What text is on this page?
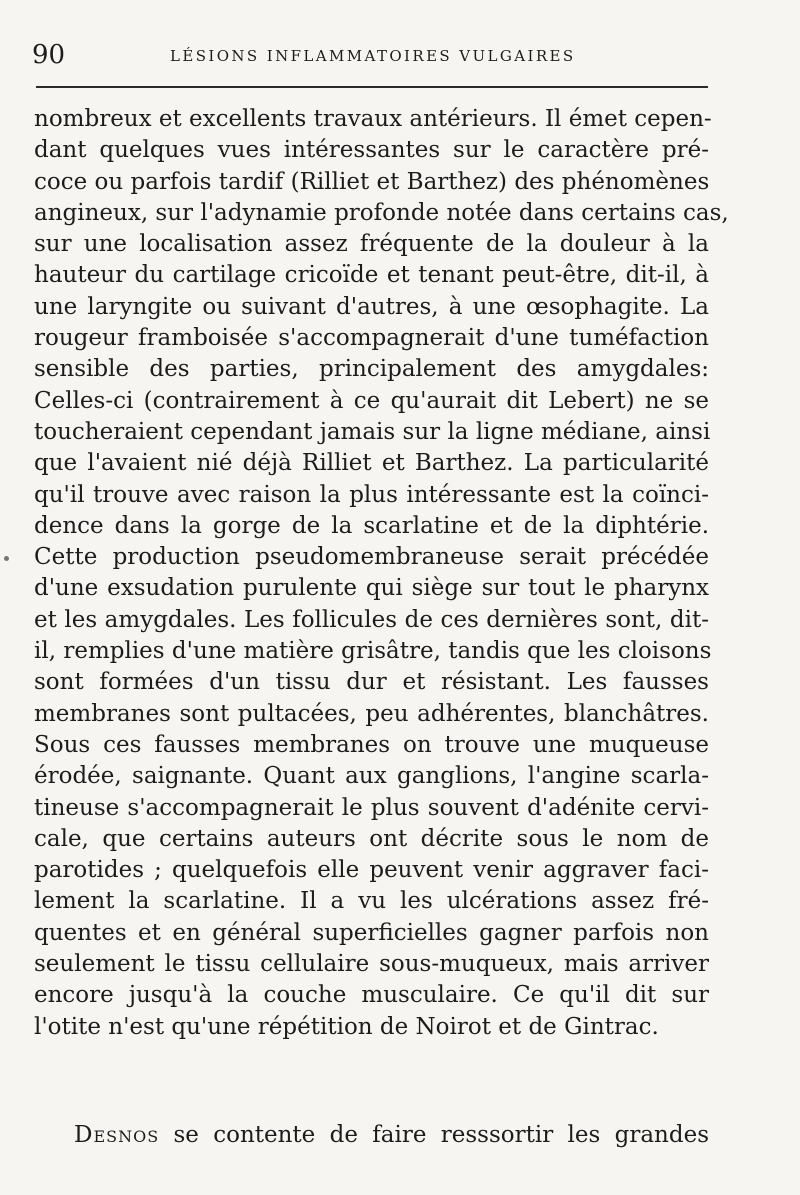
90	LÉSIONS INFLAMMATOIRES VULGAIRES
nombreux et excellents travaux antérieurs. Il émet cepen-
dant quelques vues intéressantes sur le caractère pré-
coce ou parfois tardif (Rilliet et Barthez) des phénomènes
angineux, sur l'adynamie profonde notée dans certains cas,
sur une localisation assez fréquente de la douleur à la
hauteur du cartilage cricoïde et tenant peut-être, dit-il, à
une laryngite ou suivant d'autres, à une œsophagite. La
rougeur framboisée s'accompagnerait d'une tuméfaction
sensible des parties, principalement des amygdales:
Celles-ci (contrairement à ce qu'aurait dit Lebert) ne se
toucheraient cependant jamais sur la ligne médiane, ainsi
que l'avaient nié déjà Rilliet et Barthez. La particularité
qu'il trouve avec raison la plus intéressante est la coïnci-
dence dans la gorge de la scarlatine et de la diphtérie.
Cette production pseudomembraneuse serait précédée
d'une exsudation purulente qui siège sur tout le pharynx
et les amygdales. Les follicules de ces dernières sont, dit-
il, remplies d'une matière grisâtre, tandis que les cloisons
sont formées d'un tissu dur et résistant. Les fausses
membranes sont pultacées, peu adhérentes, blanchâtres.
Sous ces fausses membranes on trouve une muqueuse
érodée, saignante. Quant aux ganglions, l'angine scarla-
tineuse s'accompagnerait le plus souvent d'adénite cervi-
cale, que certains auteurs ont décrite sous le nom de
parotides ; quelquefois elle peuvent venir aggraver faci-
lement la scarlatine. Il a vu les ulcérations assez fré-
quentes et en général superficielles gagner parfois non
seulement le tissu cellulaire sous-muqueux, mais arriver
encore jusqu'à la couche musculaire. Ce qu'il dit sur
l'otite n'est qu'une répétition de Noirot et de Gintrac.
Desnos se contente de faire resssortir les grandes
